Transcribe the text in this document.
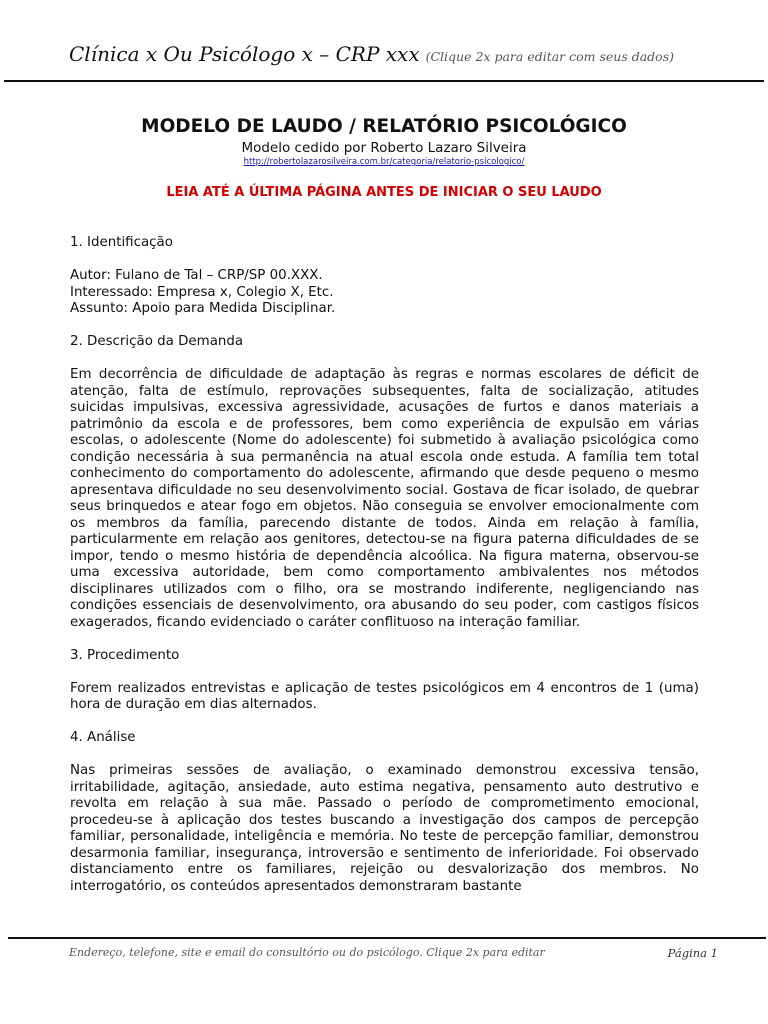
Clínica x Ou Psicólogo x – CRP xxx (Clique 2x para editar com seus dados)
MODELO DE LAUDO / RELATÓRIO PSICOLÓGICO
Modelo cedido por Roberto Lazaro Silveira
http://robertolazarosilveira.com.br/categoria/relatorio-psicologico/
LEIA ATÉ A ÚLTIMA PÁGINA ANTES DE INICIAR O SEU LAUDO

1. Identificação

Autor: Fulano de Tal – CRP/SP 00.XXX.

Interessado: Empresa x, Colegio X, Etc.

Assunto: Apoio para Medida Disciplinar.

2. Descrição da Demanda

Em decorrência de dificuldade de adaptação às regras e normas escolares de déficit de atenção, falta de estímulo, reprovações subsequentes, falta de socialização, atitudes suicidas impulsivas, excessiva agressividade, acusações de furtos e danos materiais a patrimônio da escola e de professores, bem como experiência de expulsão em várias escolas, o adolescente (Nome do adolescente) foi submetido à avaliação psicológica como condição necessária à sua permanência na atual escola onde estuda. A família tem total conhecimento do comportamento do adolescente, afirmando que desde pequeno o mesmo apresentava dificuldade no seu desenvolvimento social. Gostava de ficar isolado, de quebrar seus brinquedos e atear fogo em objetos. Não conseguia se envolver emocionalmente com os membros da família, parecendo distante de todos. Ainda em relação à família, particularmente em relação aos genitores, detectou-se na figura paterna dificuldades de se impor, tendo o mesmo história de dependência alcoólica. Na figura materna, observou-se uma excessiva autoridade, bem como comportamento ambivalentes nos métodos disciplinares utilizados com o filho, ora se mostrando indiferente, negligenciando nas condições essenciais de desenvolvimento, ora abusando do seu poder, com castigos físicos exagerados, ficando evidenciado o caráter conflituoso na interação familiar.

3. Procedimento

Forem realizados entrevistas e aplicação de testes psicológicos em 4 encontros de 1 (uma) hora de duração em dias alternados.

4. Análise

Nas primeiras sessões de avaliação, o examinado demonstrou excessiva tensão, irritabilidade, agitação, ansiedade, auto estima negativa, pensamento auto destrutivo e revolta em relação à sua mãe. Passado o período de comprometimento emocional, procedeu-se à aplicação dos testes buscando a investigação dos campos de percepção familiar, personalidade, inteligência e memória. No teste de percepção familiar, demonstrou desarmonia familiar, insegurança, introversão e sentimento de inferioridade. Foi observado distanciamento entre os familiares, rejeição ou desvalorização dos membros. No interrogatório, os conteúdos apresentados demonstraram bastante

Endereço, telefone, site e email do consultório ou do psicólogo. Clique 2x para editar	Página 1
